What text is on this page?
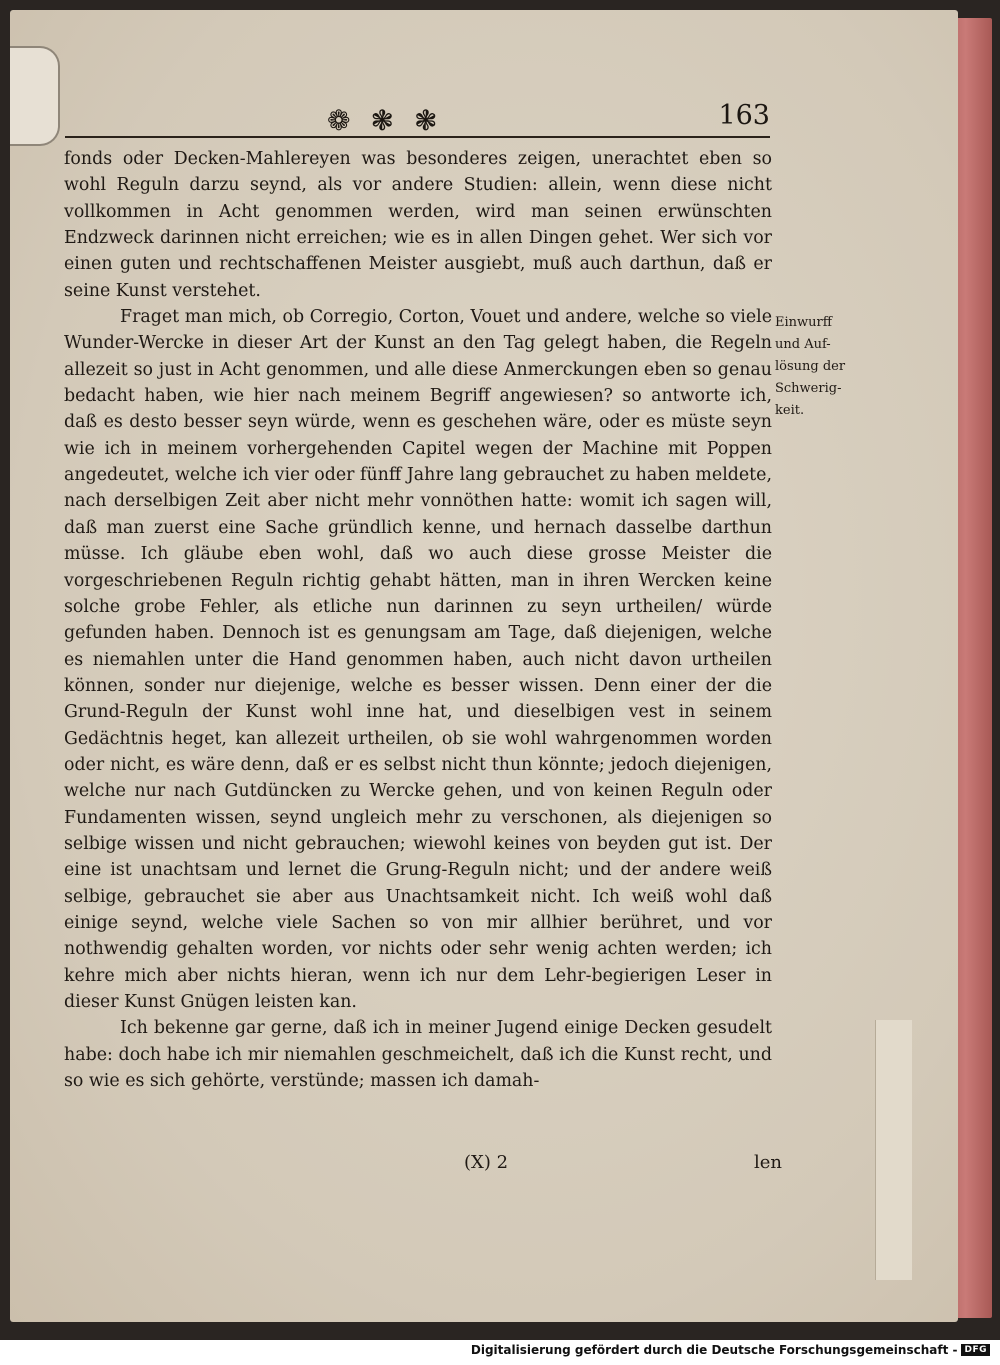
❁ ❃ ❃	163

fonds oder Decken-Mahlereyen was besonderes zeigen, unerachtet eben so wohl Reguln darzu seynd, als vor andere Studien: allein, wenn diese nicht vollkommen in Acht genommen werden, wird man seinen erwünschten Endzweck darinnen nicht erreichen; wie es in allen Dingen gehet. Wer sich vor einen guten und rechtschaffenen Meister ausgiebt, muß auch darthun, daß er seine Kunst verstehet.

Fraget man mich, ob Corregio, Corton, Vouet und andere, welche so viele Wunder-Wercke in dieser Art der Kunst an den Tag gelegt haben, die Regeln allezeit so just in Acht genommen, und alle diese Anmerckungen eben so genau bedacht haben, wie hier nach meinem Begriff angewiesen? so antworte ich, daß es desto besser seyn würde, wenn es geschehen wäre, oder es müste seyn wie ich in meinem vorhergehenden Capitel wegen der Machine mit Poppen angedeutet, welche ich vier oder fünff Jahre lang gebrauchet zu haben meldete, nach derselbigen Zeit aber nicht mehr vonnöthen hatte: womit ich sagen will, daß man zuerst eine Sache gründlich kenne, und hernach dasselbe darthun müsse. Ich gläube eben wohl, daß wo auch diese grosse Meister die vorgeschriebenen Reguln richtig gehabt hätten, man in ihren Wercken keine solche grobe Fehler, als etliche nun darinnen zu seyn urtheilen/ würde gefunden haben. Dennoch ist es genungsam am Tage, daß diejenigen, welche es niemahlen unter die Hand genommen haben, auch nicht davon urtheilen können, sonder nur diejenige, welche es besser wissen. Denn einer der die Grund-Reguln der Kunst wohl inne hat, und dieselbigen vest in seinem Gedächtnis heget, kan allezeit urtheilen, ob sie wohl wahrgenommen worden oder nicht, es wäre denn, daß er es selbst nicht thun könnte; jedoch diejenigen, welche nur nach Gutdüncken zu Wercke gehen, und von keinen Reguln oder Fundamenten wissen, seynd ungleich mehr zu verschonen, als diejenigen so selbige wissen und nicht gebrauchen; wiewohl keines von beyden gut ist. Der eine ist unachtsam und lernet die Grung-Reguln nicht; und der andere weiß selbige, gebrauchet sie aber aus Unachtsamkeit nicht. Ich weiß wohl daß einige seynd, welche viele Sachen so von mir allhier berühret, und vor nothwendig gehalten worden, vor nichts oder sehr wenig achten werden; ich kehre mich aber nichts hieran, wenn ich nur dem Lehr-begierigen Leser in dieser Kunst Gnügen leisten kan.

Ich bekenne gar gerne, daß ich in meiner Jugend einige Decken gesudelt habe: doch habe ich mir niemahlen geschmeichelt, daß ich die Kunst recht, und so wie es sich gehörte, verstünde; massen ich damah-

Einwurff
und Auf-
lösung der
Schwerig-
keit.
(X) 2	len
Digitalisierung gefördert durch die Deutsche Forschungsgemeinschaft - DFG
